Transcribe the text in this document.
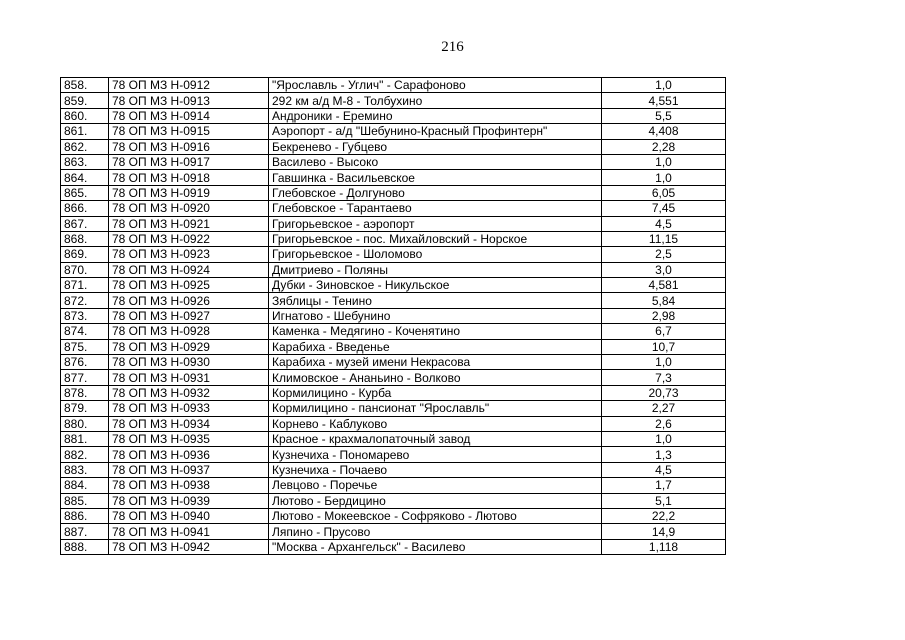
216
858.	78 ОП МЗ Н-0912	"Ярославль - Углич" - Сарафоново	1,0
859.	78 ОП МЗ Н-0913	292 км а/д М-8 - Толбухино	4,551
860.	78 ОП МЗ Н-0914	Андроники - Еремино	5,5
861.	78 ОП МЗ Н-0915	Аэропорт - а/д "Шебунино-Красный Профинтерн"	4,408
862.	78 ОП МЗ Н-0916	Бекренево - Губцево	2,28
863.	78 ОП МЗ Н-0917	Василево - Высоко	1,0
864.	78 ОП МЗ Н-0918	Гавшинка - Васильевское	1,0
865.	78 ОП МЗ Н-0919	Глебовское - Долгуново	6,05
866.	78 ОП МЗ Н-0920	Глебовское - Тарантаево	7,45
867.	78 ОП МЗ Н-0921	Григорьевское - аэропорт	4,5
868.	78 ОП МЗ Н-0922	Григорьевское - пос. Михайловский - Норское	11,15
869.	78 ОП МЗ Н-0923	Григорьевское - Шоломово	2,5
870.	78 ОП МЗ Н-0924	Дмитриево - Поляны	3,0
871.	78 ОП МЗ Н-0925	Дубки - Зиновское - Никульское	4,581
872.	78 ОП МЗ Н-0926	Зяблицы - Тенино	5,84
873.	78 ОП МЗ Н-0927	Игнатово - Шебунино	2,98
874.	78 ОП МЗ Н-0928	Каменка - Медягино - Коченятино	6,7
875.	78 ОП МЗ Н-0929	Карабиха - Введенье	10,7
876.	78 ОП МЗ Н-0930	Карабиха - музей имени Некрасова	1,0
877.	78 ОП МЗ Н-0931	Климовское - Ананьино - Волково	7,3
878.	78 ОП МЗ Н-0932	Кормилицино - Курба	20,73
879.	78 ОП МЗ Н-0933	Кормилицино - пансионат "Ярославль"	2,27
880.	78 ОП МЗ Н-0934	Корнево - Каблуково	2,6
881.	78 ОП МЗ Н-0935	Красное - крахмалопаточный завод	1,0
882.	78 ОП МЗ Н-0936	Кузнечиха - Пономарево	1,3
883.	78 ОП МЗ Н-0937	Кузнечиха - Почаево	4,5
884.	78 ОП МЗ Н-0938	Левцово - Поречье	1,7
885.	78 ОП МЗ Н-0939	Лютово - Бердицино	5,1
886.	78 ОП МЗ Н-0940	Лютово - Мокеевское - Софряково - Лютово	22,2
887.	78 ОП МЗ Н-0941	Ляпино - Прусово	14,9
888.	78 ОП МЗ Н-0942	"Москва - Архангельск" - Василево	1,118
